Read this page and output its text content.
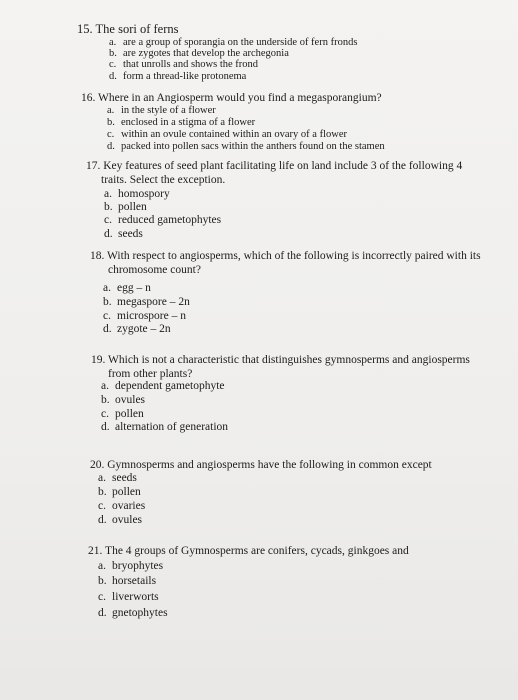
15. The sori of ferns
a. are a group of sporangia on the underside of fern fronds
b. are zygotes that develop the archegonia
c. that unrolls and shows the frond
d. form a thread-like protonema
16. Where in an Angiosperm would you find a megasporangium?
a. in the style of a flower
b. enclosed in a stigma of a flower
c. within an ovule contained within an ovary of a flower
d. packed into pollen sacs within the anthers found on the stamen
17. Key features of seed plant facilitating life on land include 3 of the following 4
traits. Select the exception.
a. homospory
b. pollen
c. reduced gametophytes
d. seeds
18. With respect to angiosperms, which of the following is incorrectly paired with its
chromosome count?
a. egg – n
b. megaspore – 2n
c. microspore – n
d. zygote – 2n
19. Which is not a characteristic that distinguishes gymnosperms and angiosperms
from other plants?
a. dependent gametophyte
b. ovules
c. pollen
d. alternation of generation
20. Gymnosperms and angiosperms have the following in common except
a. seeds
b. pollen
c. ovaries
d. ovules
21. The 4 groups of Gymnosperms are conifers, cycads, ginkgoes and
a. bryophytes
b. horsetails
c. liverworts
d. gnetophytes
